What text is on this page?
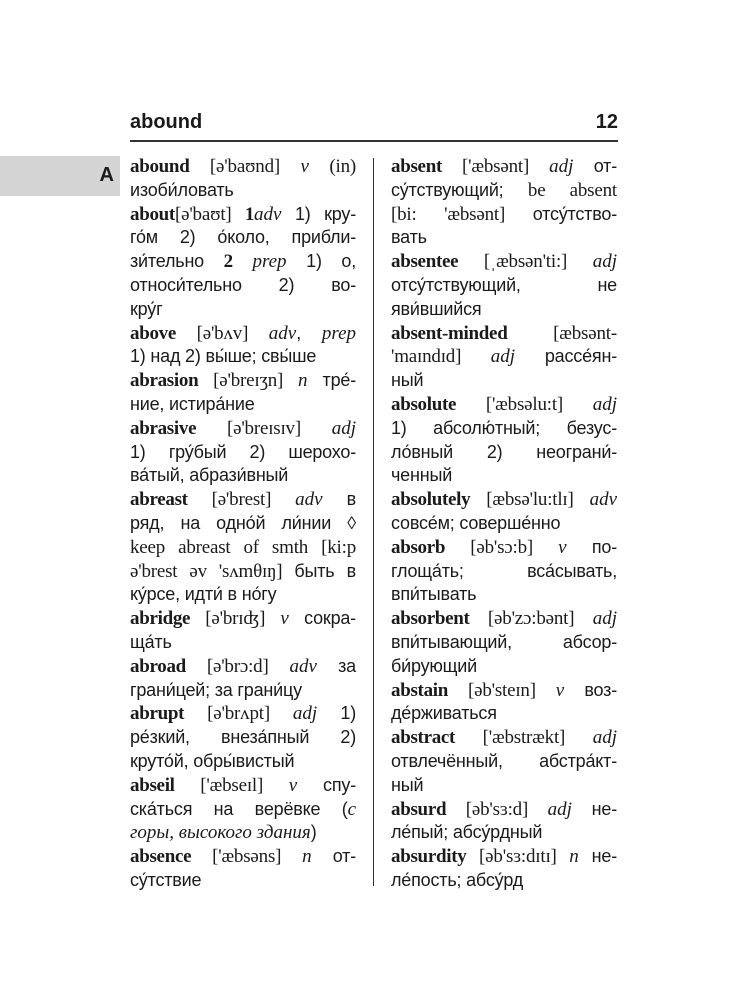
abound	12
A abound [ə'baʊnd] v (in)
изоби́ловать
about[ə'baʊt] 1adv 1) кру-
го́м 2) о́коло, прибли-
зи́тельно 2 prep 1) о,
относи́тельно 2) во-
кру́г
above [ə'bʌv] adv, prep
1) над 2) вы́ше; свы́ше
abrasion [ə'breɪʒn] n тре́-
ние, истира́ние
abrasive [ə'breɪsɪv] adj
1) гру́бый 2) шерохо-
ва́тый, абрази́вный
abreast [ə'brest] adv в
ряд, на одно́й ли́нии ◊
keep abreast of smth [ki:p
ə'brest əv 'sʌmθɪŋ] быть в
ку́рсе, идти́ в но́гу
abridge [ə'brɪʤ] v сокра-
ща́ть
abroad [ə'brɔ:d] adv за
грани́цей; за грани́цу
abrupt [ə'brʌpt] adj 1)
ре́зкий, внеза́пный 2)
круто́й, обры́вистый
abseil ['æbseɪl] v спу-
ска́ться на верёвке (с
горы, высокого здания)
absence ['æbsəns] n от-
су́тствие
absent ['æbsənt] adj от-
су́тствующий; be absent
[bi: 'æbsənt] отсу́тство-
вать
absentee [ˌæbsən'ti:] adj
отсу́тствующий, не
яви́вшийся
absent-minded [æbsənt-
'maɪndɪd] adj рассе́ян-
ный
absolute ['æbsəlu:t] adj
1) абсолю́тный; безус-
ло́вный 2) неограни́-
ченный
absolutely [æbsə'lu:tlɪ] adv
совсе́м; соверше́нно
absorb [əb'sɔ:b] v по-
глоща́ть; вса́сывать,
впи́тывать
absorbent [əb'zɔ:bənt] adj
впи́тывающий, абсор-
би́рующий
abstain [əb'steɪn] v воз-
де́рживаться
abstract ['æbstrækt] adj
отвлечённый, абстра́кт-
ный
absurd [əb'sɜ:d] adj не-
ле́пый; абсу́рдный
absurdity [əb'sɜ:dɪtɪ] n не-
ле́пость; абсу́рд
